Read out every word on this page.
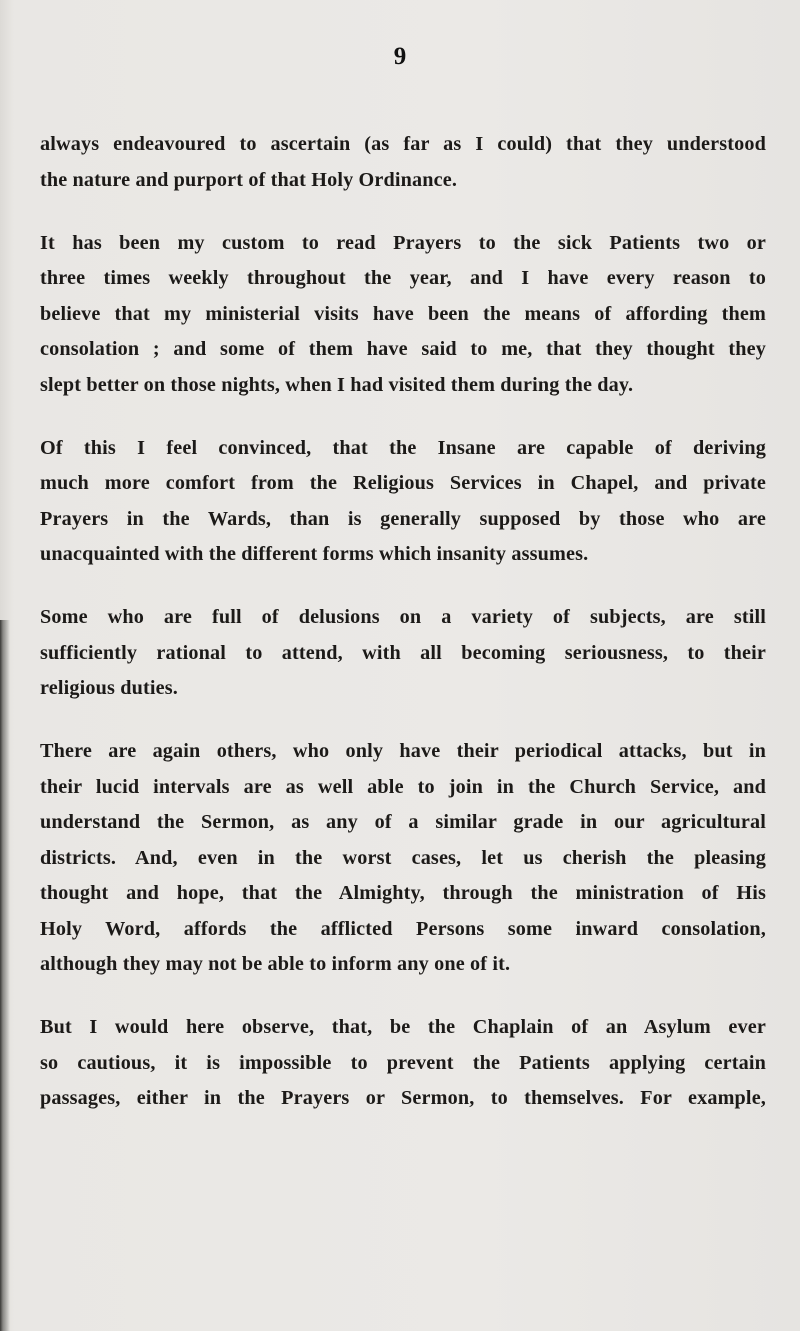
9

always endeavoured to ascertain (as far as I could) that they understood
the nature and purport of that Holy Ordinance.

It has been my custom to read Prayers to the sick Patients two or
three times weekly throughout the year, and I have every reason to
believe that my ministerial visits have been the means of affording them
consolation ; and some of them have said to me, that they thought they
slept better on those nights, when I had visited them during the day.

Of this I feel convinced, that the Insane are capable of deriving
much more comfort from the Religious Services in Chapel, and private
Prayers in the Wards, than is generally supposed by those who are
unacquainted with the different forms which insanity assumes.

Some who are full of delusions on a variety of subjects, are still
sufficiently rational to attend, with all becoming seriousness, to their
religious duties.

There are again others, who only have their periodical attacks, but in
their lucid intervals are as well able to join in the Church Service, and
understand the Sermon, as any of a similar grade in our agricultural
districts. And, even in the worst cases, let us cherish the pleasing
thought and hope, that the Almighty, through the ministration of His
Holy Word, affords the afflicted Persons some inward consolation,
although they may not be able to inform any one of it.

But I would here observe, that, be the Chaplain of an Asylum ever
so cautious, it is impossible to prevent the Patients applying certain
passages, either in the Prayers or Sermon, to themselves. For example,
